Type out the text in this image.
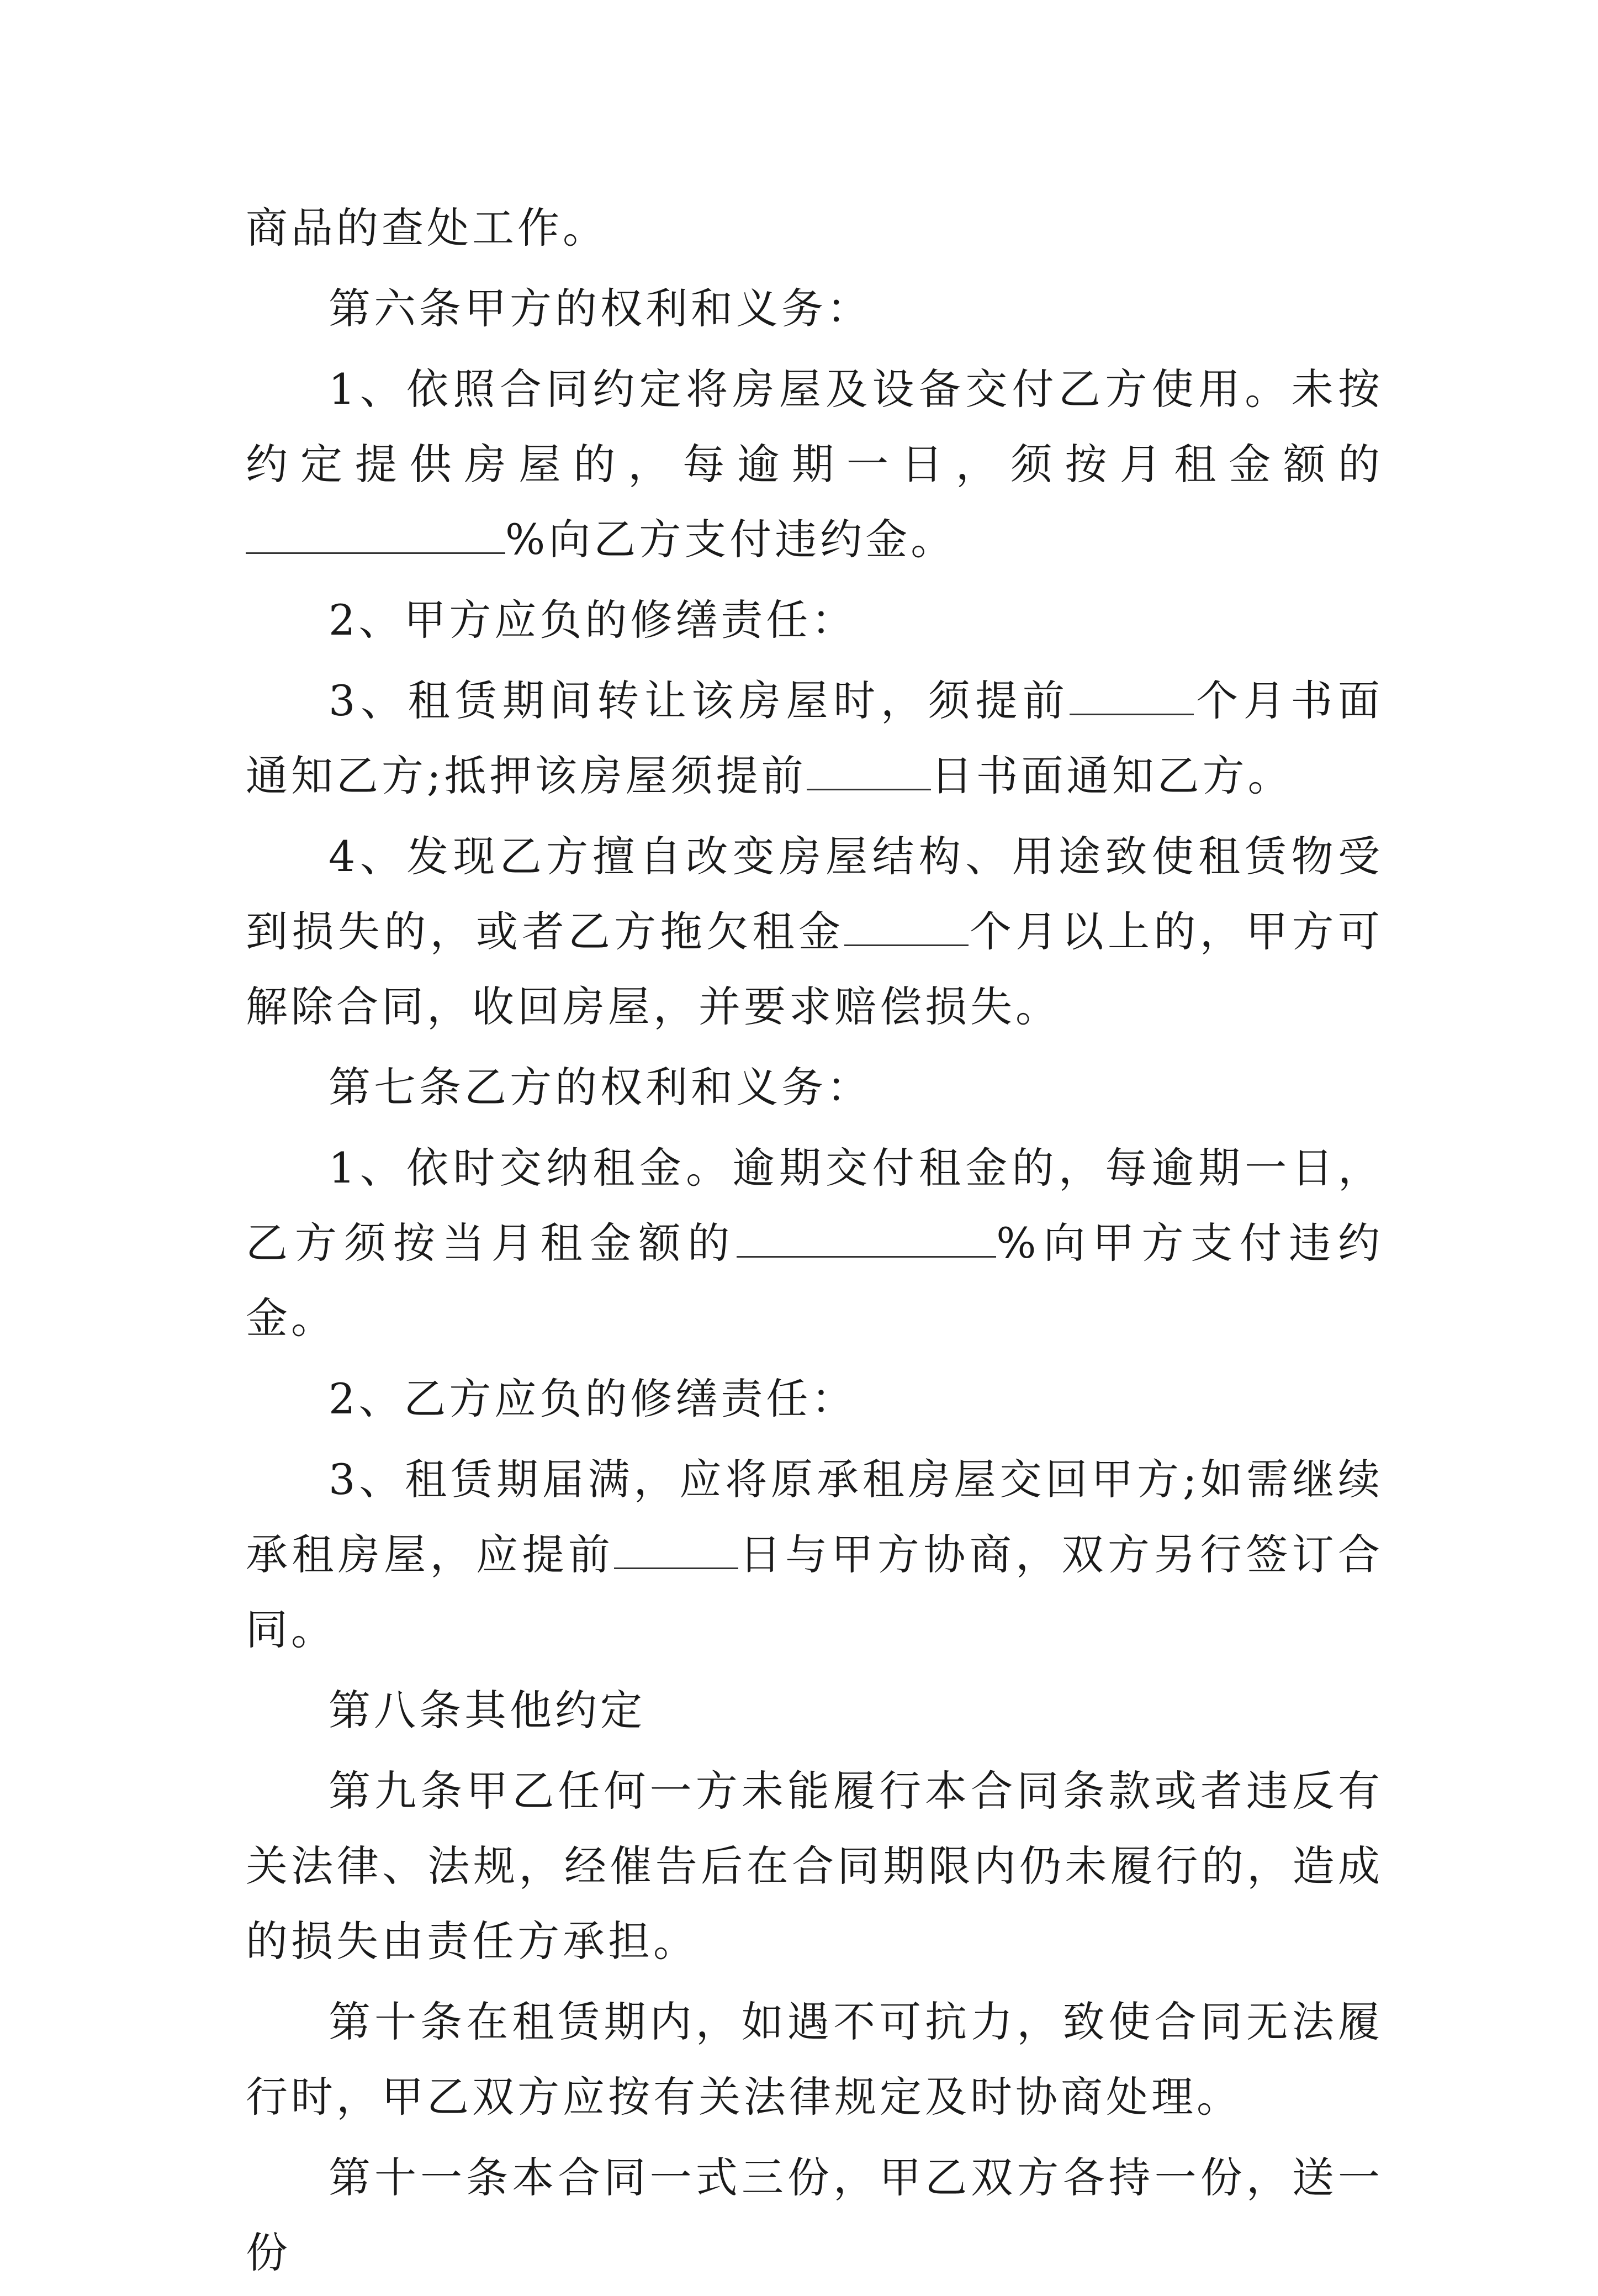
商品的查处工作。
第六条甲方的权利和义务：
1、依照合同约定将房屋及设备交付乙方使用。未按约定提供房屋的，每逾期一日，须按月租金额的%向乙方支付违约金。
2、甲方应负的修缮责任：
3、租赁期间转让该房屋时，须提前	个月书面通知乙方;抵押该房屋须提前	日书面通知乙方。
4、发现乙方擅自改变房屋结构、用途致使租赁物受到损失的，或者乙方拖欠租金	个月以上的，甲方可解除合同，收回房屋，并要求赔偿损失。
第七条乙方的权利和义务：
1、依时交纳租金。逾期交付租金的，每逾期一日，乙方须按当月租金额的	%向甲方支付违约金。
2、乙方应负的修缮责任：
3、租赁期届满，应将原承租房屋交回甲方;如需继续承租房屋，应提前	日与甲方协商，双方另行签订合同。
第八条其他约定
第九条甲乙任何一方未能履行本合同条款或者违反有关法律、法规，经催告后在合同期限内仍未履行的，造成的损失由责任方承担。
第十条在租赁期内，如遇不可抗力，致使合同无法履行时，甲乙双方应按有关法律规定及时协商处理。
第十一条本合同一式三份，甲乙双方各持一份，送一份
